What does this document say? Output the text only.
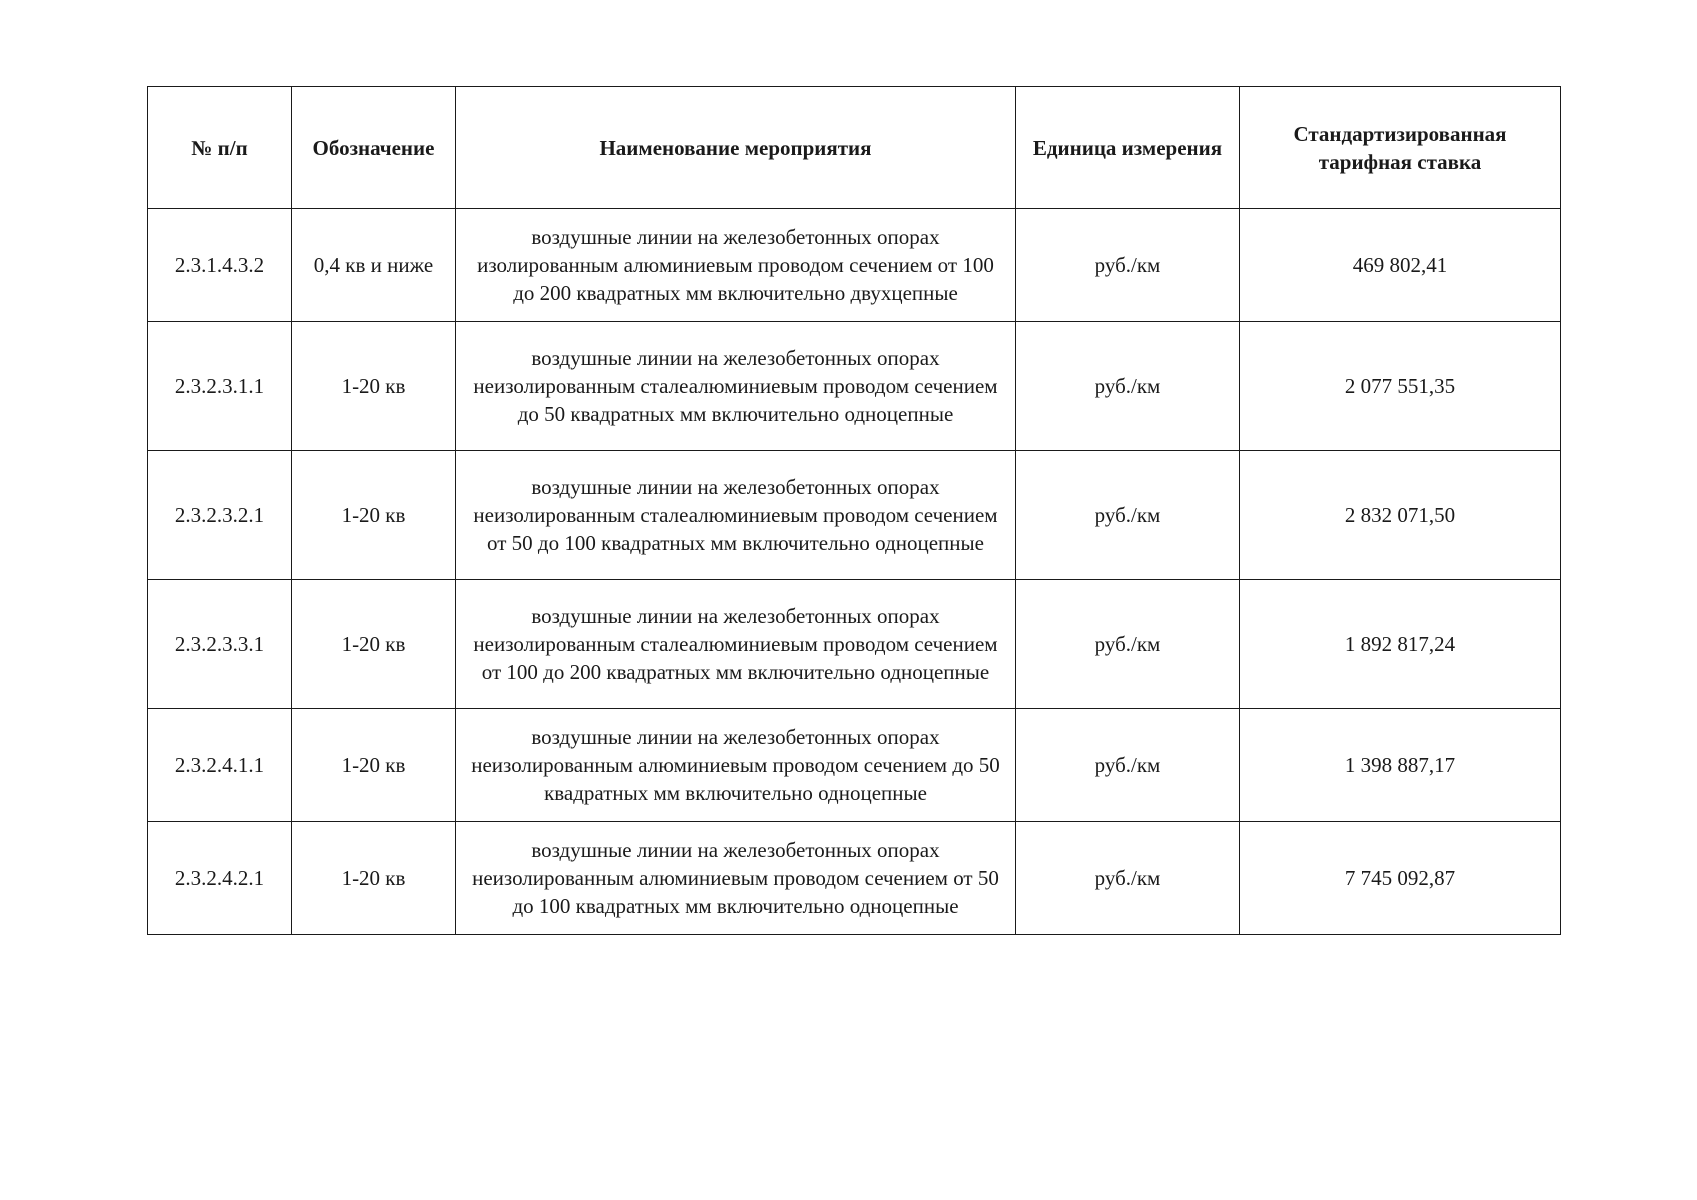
№ п/п	Обозначение	Наименование мероприятия	Единица измерения	Стандартизированная тарифная ставка
2.3.1.4.3.2	0,4 кв и ниже	воздушные линии на железобетонных опорах изолированным алюминиевым проводом сечением от 100 до 200 квадратных мм включительно двухцепные	руб./км	469 802,41
2.3.2.3.1.1	1-20 кв	воздушные линии на железобетонных опорах неизолированным сталеалюминиевым проводом сечением до 50 квадратных мм включительно одноцепные	руб./км	2 077 551,35
2.3.2.3.2.1	1-20 кв	воздушные линии на железобетонных опорах неизолированным сталеалюминиевым проводом сечением от 50 до 100 квадратных мм включительно одноцепные	руб./км	2 832 071,50
2.3.2.3.3.1	1-20 кв	воздушные линии на железобетонных опорах неизолированным сталеалюминиевым проводом сечением от 100 до 200 квадратных мм включительно одноцепные	руб./км	1 892 817,24
2.3.2.4.1.1	1-20 кв	воздушные линии на железобетонных опорах неизолированным алюминиевым проводом сечением до 50 квадратных мм включительно одноцепные	руб./км	1 398 887,17
2.3.2.4.2.1	1-20 кв	воздушные линии на железобетонных опорах неизолированным алюминиевым проводом сечением от 50 до 100 квадратных мм включительно одноцепные	руб./км	7 745 092,87
